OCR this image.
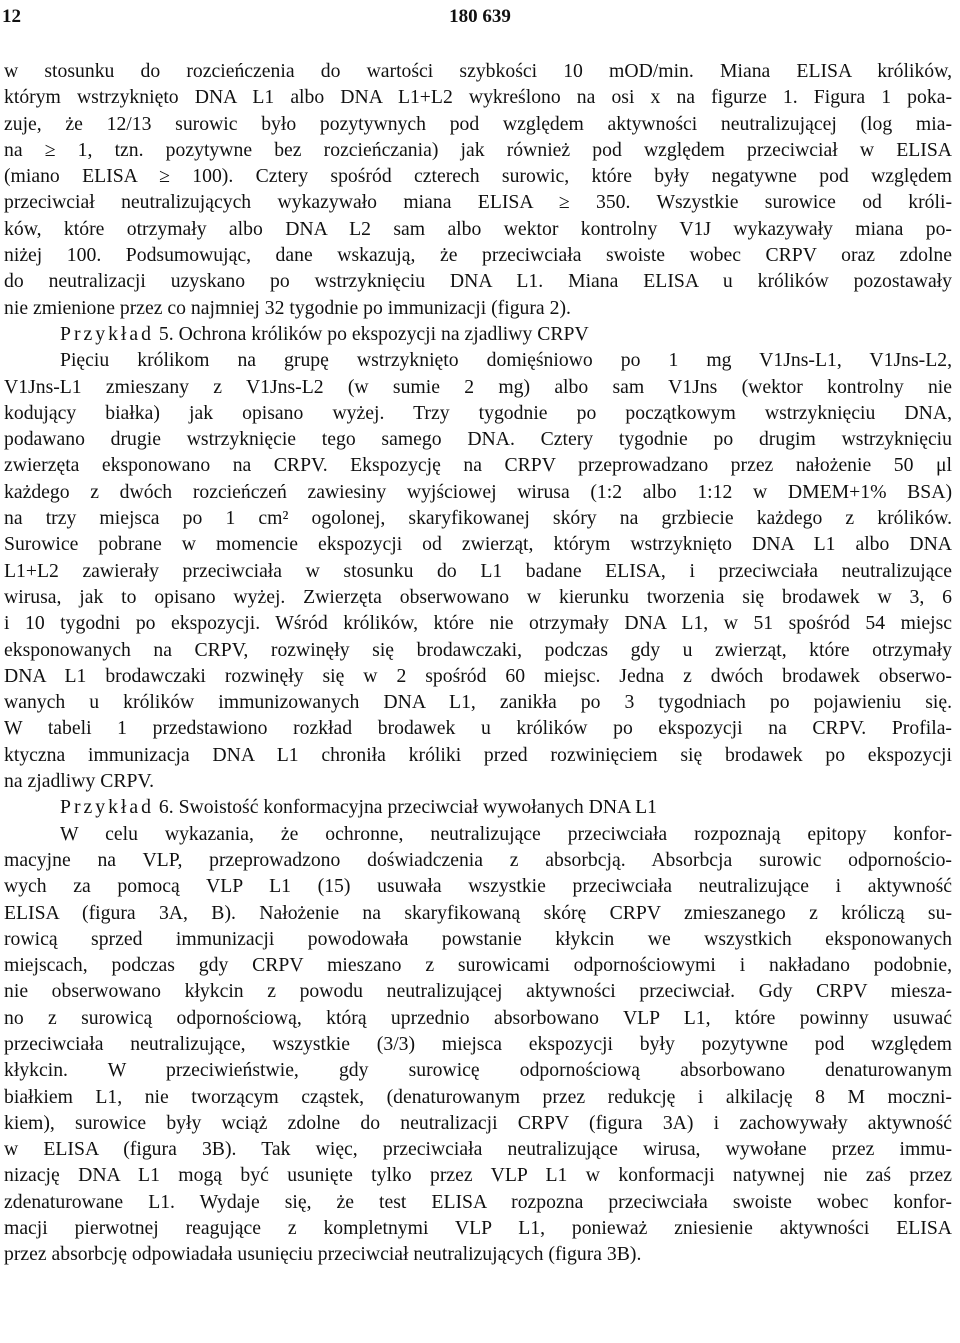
12	180 639
w stosunku do rozcieńczenia do wartości szybkości 10 mOD/min. Miana ELISA królików,
którym wstrzyknięto DNA L1 albo DNA L1+L2 wykreślono na osi x na figurze 1. Figura 1 poka-
zuje, że 12/13 surowic było pozytywnych pod względem aktywności neutralizującej (log mia-
na ≥ 1, tzn. pozytywne bez rozcieńczania) jak również pod względem przeciwciał w ELISA
(miano ELISA ≥ 100). Cztery spośród czterech surowic, które były negatywne pod względem
przeciwciał neutralizujących wykazywało miana ELISA ≥ 350. Wszystkie surowice od króli-
ków, które otrzymały albo DNA L2 sam albo wektor kontrolny V1J wykazywały miana po-
niżej 100. Podsumowując, dane wskazują, że przeciwciała swoiste wobec CRPV oraz zdolne
do neutralizacji uzyskano po wstrzyknięciu DNA L1. Miana ELISA u królików pozostawały
nie zmienione przez co najmniej 32 tygodnie po immunizacji (figura 2).
Przykład 5. Ochrona królików po ekspozycji na zjadliwy CRPV
Pięciu królikom na grupę wstrzyknięto domięśniowo po 1 mg V1Jns-L1, V1Jns-L2,
V1Jns-L1 zmieszany z V1Jns-L2 (w sumie 2 mg) albo sam V1Jns (wektor kontrolny nie
kodujący białka) jak opisano wyżej. Trzy tygodnie po początkowym wstrzyknięciu DNA,
podawano drugie wstrzyknięcie tego samego DNA. Cztery tygodnie po drugim wstrzyknięciu
zwierzęta eksponowano na CRPV. Ekspozycję na CRPV przeprowadzano przez nałożenie 50 μl
każdego z dwóch rozcieńczeń zawiesiny wyjściowej wirusa (1:2 albo 1:12 w DMEM+1% BSA)
na trzy miejsca po 1 cm² ogolonej, skaryfikowanej skóry na grzbiecie każdego z królików.
Surowice pobrane w momencie ekspozycji od zwierząt, którym wstrzyknięto DNA L1 albo DNA
L1+L2 zawierały przeciwciała w stosunku do L1 badane ELISA, i przeciwciała neutralizujące
wirusa, jak to opisano wyżej. Zwierzęta obserwowano w kierunku tworzenia się brodawek w 3, 6
i 10 tygodni po ekspozycji. Wśród królików, które nie otrzymały DNA L1, w 51 spośród 54 miejsc
eksponowanych na CRPV, rozwinęły się brodawczaki, podczas gdy u zwierząt, które otrzymały
DNA L1 brodawczaki rozwinęły się w 2 spośród 60 miejsc. Jedna z dwóch brodawek obserwo-
wanych u królików immunizowanych DNA L1, zanikła po 3 tygodniach po pojawieniu się.
W tabeli 1 przedstawiono rozkład brodawek u królików po ekspozycji na CRPV. Profila-
ktyczna immunizacja DNA L1 chroniła króliki przed rozwinięciem się brodawek po ekspozycji
na zjadliwy CRPV.
Przykład 6. Swoistość konformacyjna przeciwciał wywołanych DNA L1
W celu wykazania, że ochronne, neutralizujące przeciwciała rozpoznają epitopy konfor-
macyjne na VLP, przeprowadzono doświadczenia z absorbcją. Absorbcja surowic odpornościo-
wych za pomocą VLP L1 (15) usuwała wszystkie przeciwciała neutralizujące i aktywność
ELISA (figura 3A, B). Nałożenie na skaryfikowaną skórę CRPV zmieszanego z króliczą su-
rowicą sprzed immunizacji powodowała powstanie kłykcin we wszystkich eksponowanych
miejscach, podczas gdy CRPV mieszano z surowicami odpornościowymi i nakładano podobnie,
nie obserwowano kłykcin z powodu neutralizującej aktywności przeciwciał. Gdy CRPV miesza-
no z surowicą odpornościową, którą uprzednio absorbowano VLP L1, które powinny usuwać
przeciwciała neutralizujące, wszystkie (3/3) miejsca ekspozycji były pozytywne pod względem
kłykcin. W przeciwieństwie, gdy surowicę odpornościową absorbowano denaturowanym
białkiem L1, nie tworzącym cząstek, (denaturowanym przez redukcję i alkilację 8 M moczni-
kiem), surowice były wciąż zdolne do neutralizacji CRPV (figura 3A) i zachowywały aktywność
w ELISA (figura 3B). Tak więc, przeciwciała neutralizujące wirusa, wywołane przez immu-
nizację DNA L1 mogą być usunięte tylko przez VLP L1 w konformacji natywnej nie zaś przez
zdenaturowane L1. Wydaje się, że test ELISA rozpozna przeciwciała swoiste wobec konfor-
macji pierwotnej reagujące z kompletnymi VLP L1, ponieważ zniesienie aktywności ELISA
przez absorbcję odpowiadała usunięciu przeciwciał neutralizujących (figura 3B).
